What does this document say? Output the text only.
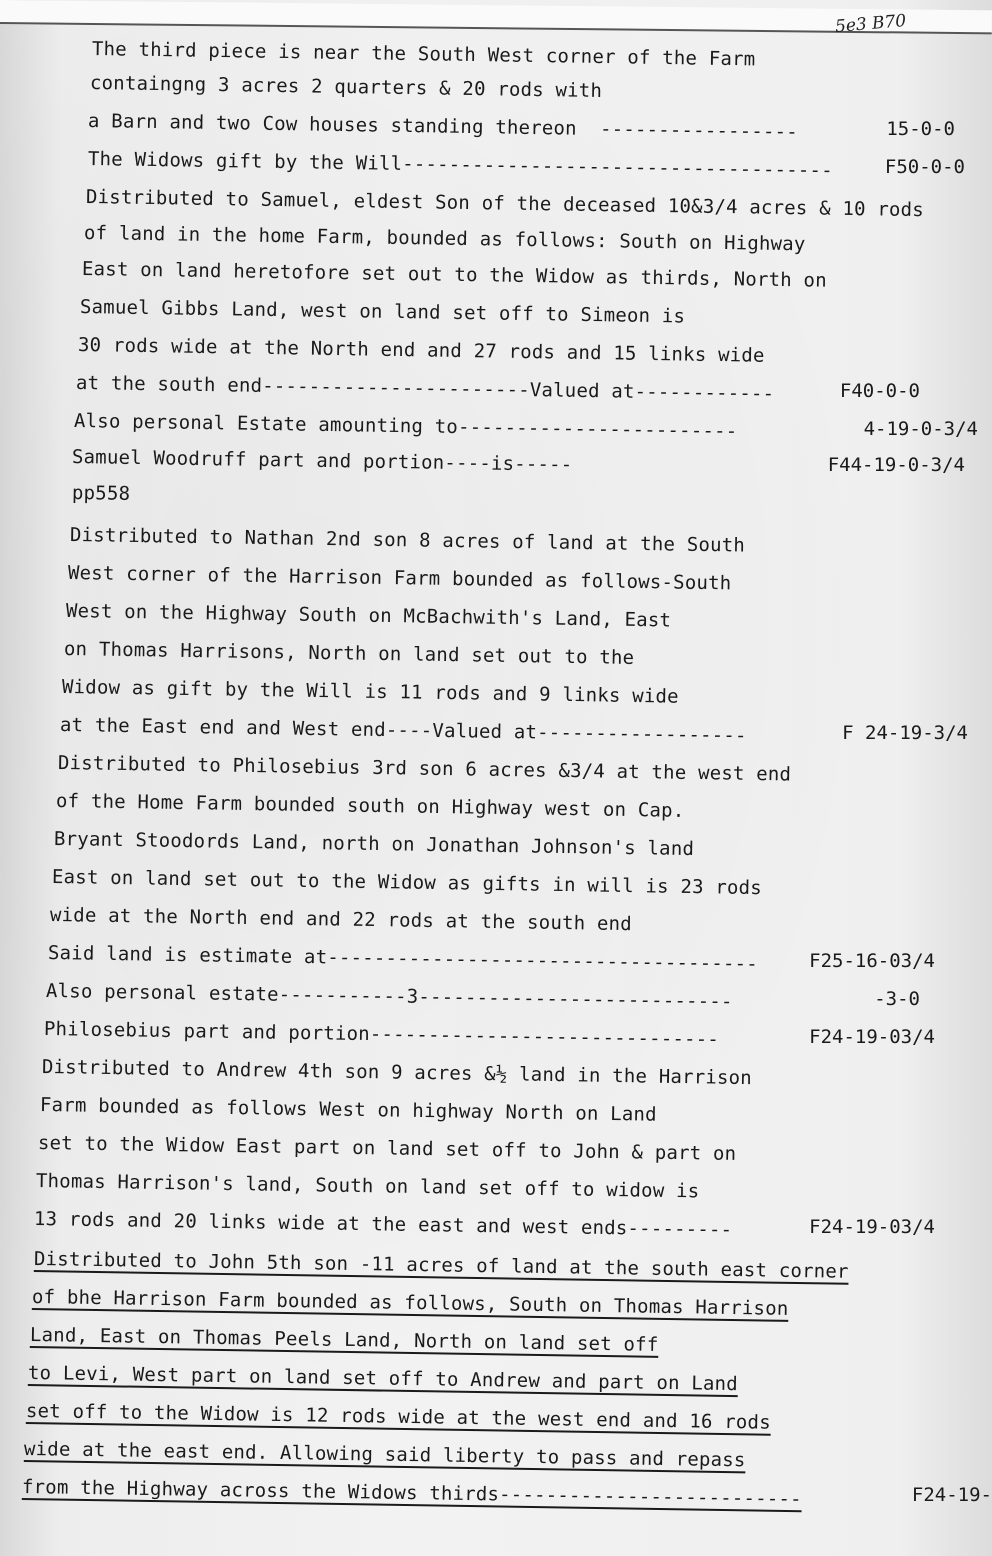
5e3 B70
The third piece is near the South West corner of the Farm
containgng 3 acres 2 quarters & 20 rods with
a Barn and two Cow houses standing thereon  -----------------
The Widows gift by the Will-------------------------------------
Distributed to Samuel, eldest Son of the deceased 10&3/4 acres & 10 rods
of land in the home Farm, bounded as follows: South on Highway
East on land heretofore set out to the Widow as thirds, North on
Samuel Gibbs Land, west on land set off to Simeon is
30 rods wide at the North end and 27 rods and 15 links wide
at the south end-----------------------Valued at------------
Also personal Estate amounting to------------------------
Samuel Woodruff part and portion----is-----
pp558
Distributed to Nathan 2nd son 8 acres of land at the South
West corner of the Harrison Farm bounded as follows-South
West on the Highway South on McBachwith's Land, East
on Thomas Harrisons, North on land set out to the
Widow as gift by the Will is 11 rods and 9 links wide
at the East end and West end----Valued at------------------
Distributed to Philosebius 3rd son 6 acres &3/4 at the west end
of the Home Farm bounded south on Highway west on Cap.
Bryant Stoodords Land, north on Jonathan Johnson's land
East on land set out to the Widow as gifts in will is 23 rods
wide at the North end and 22 rods at the south end
Said land is estimate at-------------------------------------
Also personal estate-----------3---------------------------
Philosebius part and portion------------------------------
Distributed to Andrew 4th son 9 acres &½ land in the Harrison
Farm bounded as follows West on highway North on Land
set to the Widow East part on land set off to John & part on
Thomas Harrison's land, South on land set off to widow is
13 rods and 20 links wide at the east and west ends---------
Distributed to John 5th son -11 acres of land at the south east corner
of bhe Harrison Farm bounded as follows, South on Thomas Harrison
Land, East on Thomas Peels Land, North on land set off
to Levi, West part on land set off to Andrew and part on Land
set off to the Widow is 12 rods wide at the west end and 16 rods
wide at the east end. Allowing said liberty to pass and repass
from the Highway across the Widows thirds--------------------------
15-0-0
F50-0-0
F40-0-0
4-19-0-3/4
F44-19-0-3/4
F 24-19-3/4
F25-16-03/4
-3-0
F24-19-03/4
F24-19-03/4
F24-19-
